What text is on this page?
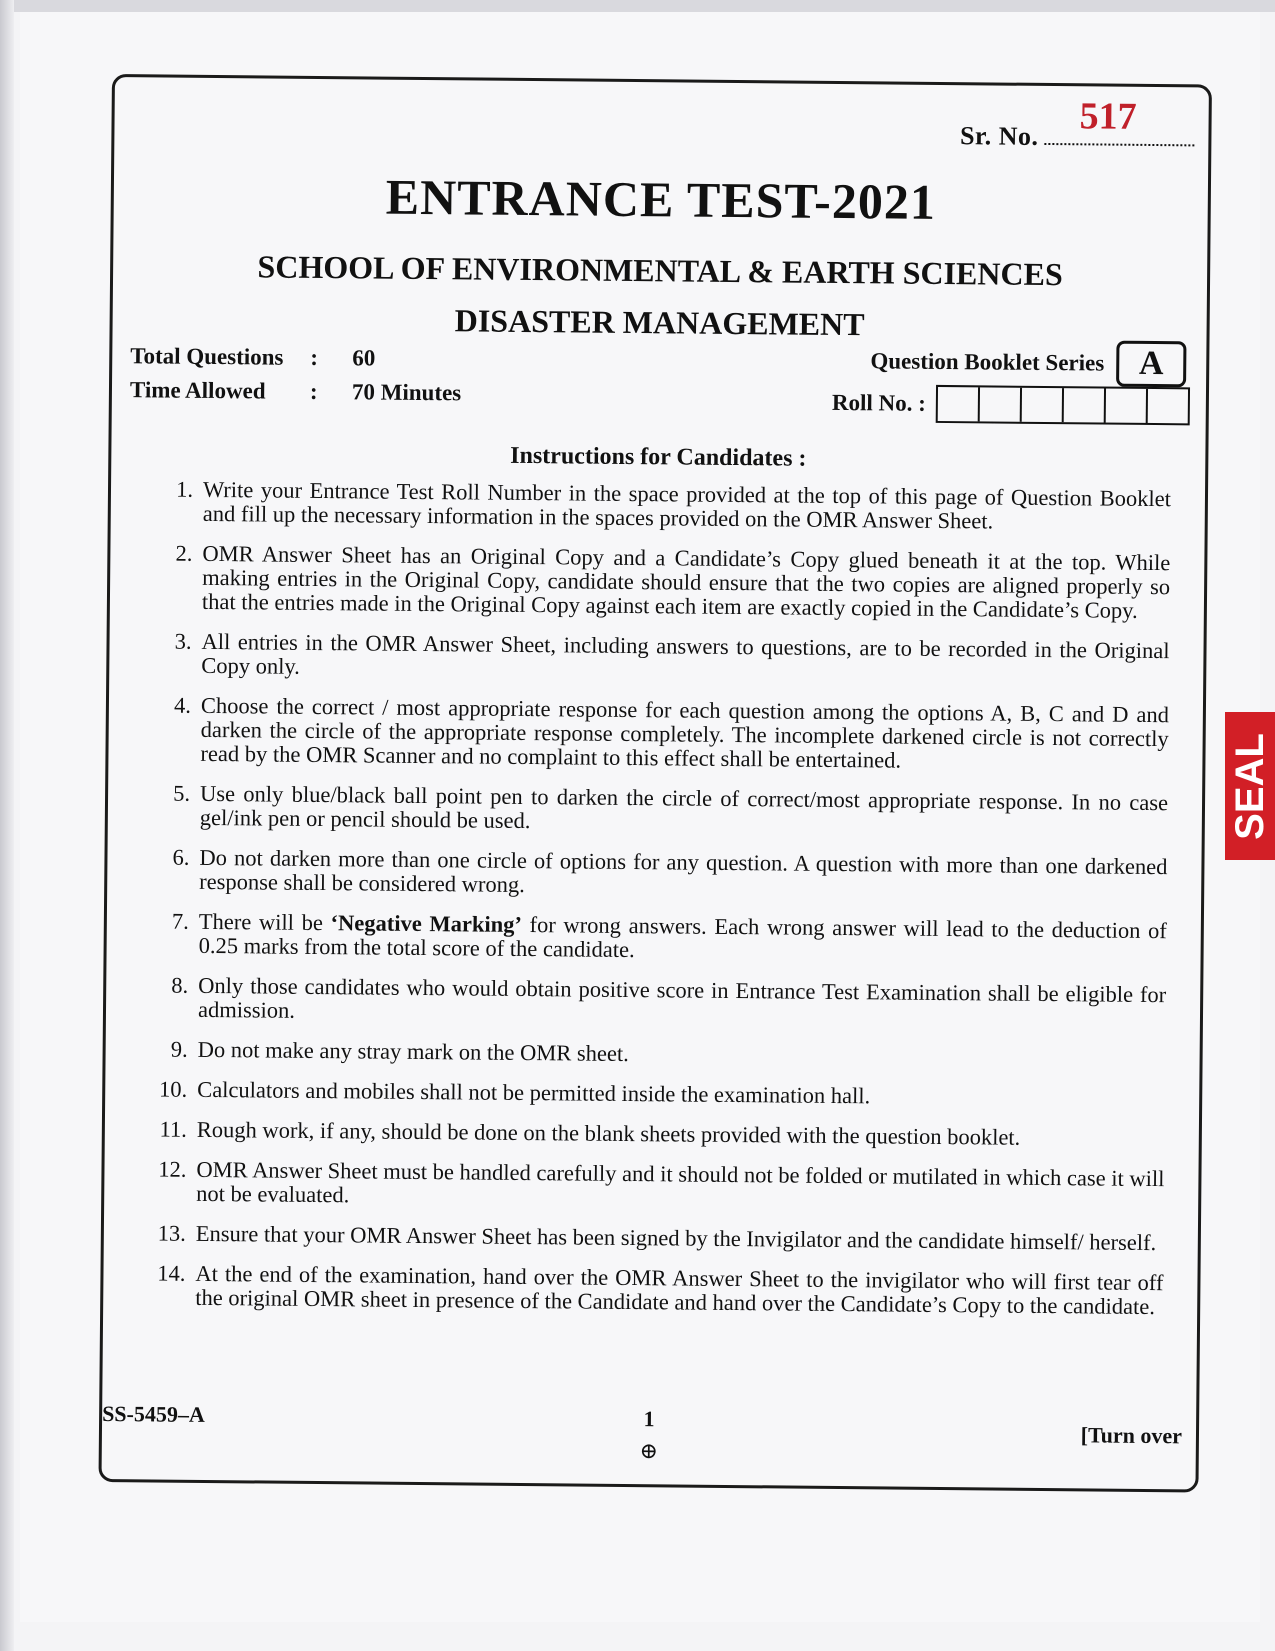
517
Sr. No.
ENTRANCE TEST-2021
SCHOOL OF ENVIRONMENTAL & EARTH SCIENCES
DISASTER MANAGEMENT
Total Questions	:	60
Time Allowed	:	70 Minutes
Question Booklet Series	A
Roll No. :
Instructions for Candidates :
1. Write your Entrance Test Roll Number in the space provided at the top of this page of Question Booklet and fill up the necessary information in the spaces provided on the OMR Answer Sheet.
2. OMR Answer Sheet has an Original Copy and a Candidate’s Copy glued beneath it at the top. While making entries in the Original Copy, candidate should ensure that the two copies are aligned properly so that the entries made in the Original Copy against each item are exactly copied in the Candidate’s Copy.
3. All entries in the OMR Answer Sheet, including answers to questions, are to be recorded in the Original Copy only.
4. Choose the correct / most appropriate response for each question among the options A, B, C and D and darken the circle of the appropriate response completely. The incomplete darkened circle is not correctly read by the OMR Scanner and no complaint to this effect shall be entertained.
5. Use only blue/black ball point pen to darken the circle of correct/most appropriate response. In no case gel/ink pen or pencil should be used.
6. Do not darken more than one circle of options for any question. A question with more than one darkened response shall be considered wrong.
7. There will be ‘Negative Marking’ for wrong answers. Each wrong answer will lead to the deduction of 0.25 marks from the total score of the candidate.
8. Only those candidates who would obtain positive score in Entrance Test Examination shall be eligible for admission.
9. Do not make any stray mark on the OMR sheet.
10. Calculators and mobiles shall not be permitted inside the examination hall.
11. Rough work, if any, should be done on the blank sheets provided with the question booklet.
12. OMR Answer Sheet must be handled carefully and it should not be folded or mutilated in which case it will not be evaluated.
13. Ensure that your OMR Answer Sheet has been signed by the Invigilator and the candidate himself/ herself.
14. At the end of the examination, hand over the OMR Answer Sheet to the invigilator who will first tear off the original OMR sheet in presence of the Candidate and hand over the Candidate’s Copy to the candidate.
SS-5459–A	1
⊕
[Turn over
SEAL
